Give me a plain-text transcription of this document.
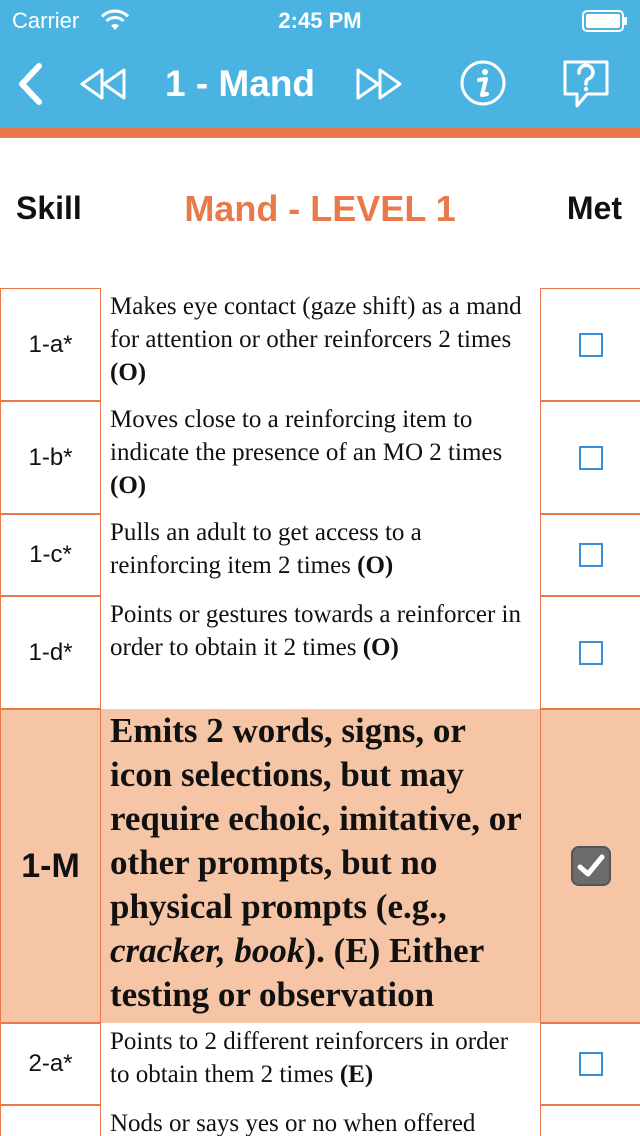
Carrier	2:45 PM
1 - Mand
Skill	Mand - LEVEL 1	Met
1-a*
Makes eye contact (gaze shift) as a mand for attention or other reinforcers 2 times (O)
1-b*
Moves close to a reinforcing item to indicate the presence of an MO 2 times (O)
1-c*
Pulls an adult to get access to a reinforcing item 2 times (O)
1-d*
Points or gestures towards a reinforcer in order to obtain it 2 times (O)
1-M
Emits 2 words, signs, or icon selections, but may require echoic, imitative, or other prompts, but no physical prompts (e.g., cracker, book). (E) Either testing or observation
2-a*
Points to 2 different reinforcers in order to obtain them 2 times (E)
Nods or says yes or no when offered
